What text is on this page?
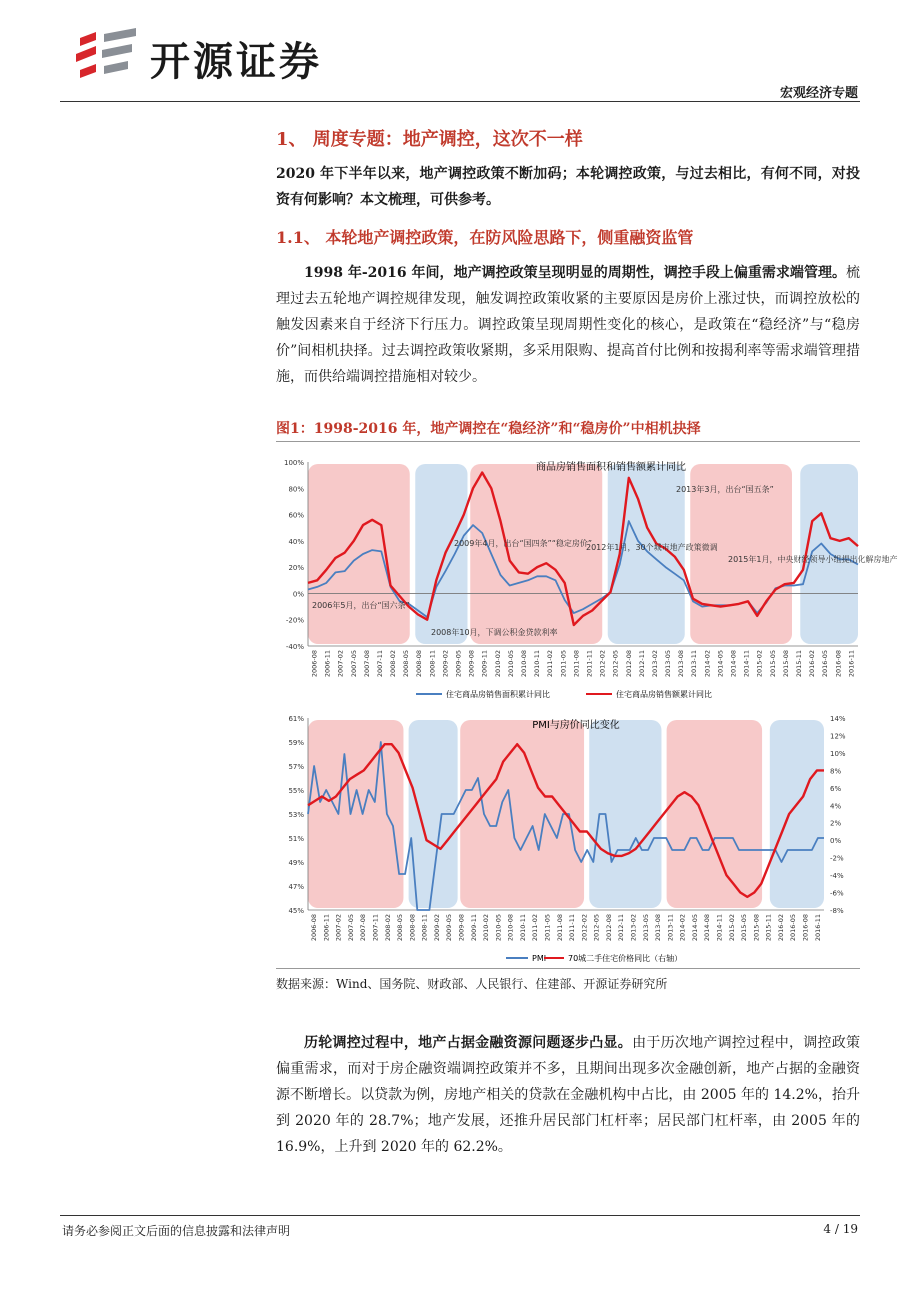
开源证券
宏观经济专题
1、 周度专题：地产调控，这次不一样

2020 年下半年以来，地产调控政策不断加码；本轮调控政策，与过去相比，有何不同，对投资有何影响？本文梳理，可供参考。

1.1、 本轮地产调控政策，在防风险思路下，侧重融资监管

1998 年-2016 年间，地产调控政策呈现明显的周期性，调控手段上偏重需求端管理。梳理过去五轮地产调控规律发现，触发调控政策收紧的主要原因是房价上涨过快，而调控放松的触发因素来自于经济下行压力。调控政策呈现周期性变化的核心，是政策在“稳经济”与“稳房价”间相机抉择。过去调控政策收紧期，多采用限购、提高首付比例和按揭利率等需求端管理措施，而供给端调控措施相对较少。

图1：1998-2016 年，地产调控在“稳经济”和“稳房价”中相机抉择
商品房销售面积和销售额累计同比
100%
80%
60%
40%
20%
0%
-20%
-40%
2006-08 2006-11 2007-02 2007-05 2007-08 2007-11 2008-02 2008-05 2008-08 2008-11 2009-02 2009-05 2009-08 2009-11 2010-02 2010-05 2010-08 2010-11 2011-02 2011-05 2011-08 2011-11 2012-02 2012-05 2012-08 2012-11 2013-02 2013-05 2013-08 2013-11 2014-02 2014-05 2014-08 2014-11 2015-02 2015-05 2015-08 2015-11 2016-02 2016-05 2016-08 2016-11
2006年5月，出台“国六条”
2008年10月，下调公积金贷款利率
2009年4月，出台“国四条”“稳定房价”
2012年1月，30个城市地产政策微调
2013年3月，出台“国五条”
2015年1月，中央财经领导小组提出化解房地产
住宅商品房销售面积累计同比	住宅商品房销售额累计同比
PMI与房价同比变化
61%
59%
57%
55%
53%
51%
49%
47%
45%
14%
12%
10%
8%
6%
4%
2%
0%
-2%
-4%
-6%
-8%
2006-08 2006-11 2007-02 2007-05 2007-08 2007-11 2008-02 2008-05 2008-08 2008-11 2009-02 2009-05 2009-08 2009-11 2010-02 2010-05 2010-08 2010-11 2011-02 2011-05 2011-08 2011-11 2012-02 2012-05 2012-08 2012-11 2013-02 2013-05 2013-08 2013-11 2014-02 2014-05 2014-08 2014-11 2015-02 2015-05 2015-08 2015-11 2016-02 2016-05 2016-08 2016-11
PMI	70城二手住宅价格同比（右轴）
数据来源：Wind、国务院、财政部、人民银行、住建部、开源证券研究所

历轮调控过程中，地产占据金融资源问题逐步凸显。由于历次地产调控过程中，调控政策偏重需求，而对于房企融资端调控政策并不多，且期间出现多次金融创新，地产占据的金融资源不断增长。以贷款为例，房地产相关的贷款在金融机构中占比，由 2005 年的 14.2%，抬升到 2020 年的 28.7%；地产发展，还推升居民部门杠杆率；居民部门杠杆率，由 2005 年的 16.9%，上升到 2020 年的 62.2%。

请务必参阅正文后面的信息披露和法律声明	4 / 19
